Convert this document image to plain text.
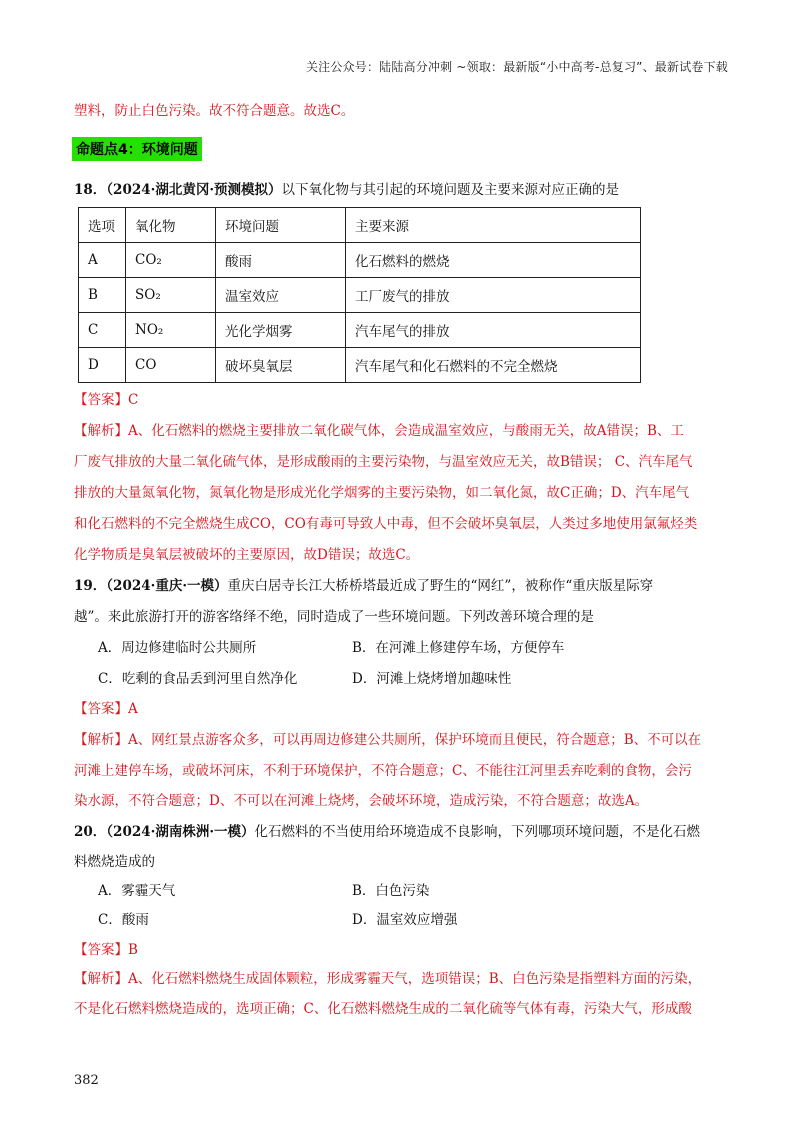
关注公众号：陆陆高分冲刺 ~领取：最新版“小中高考-总复习”、最新试卷下载
塑料，防止白色污染。故不符合题意。故选C。
命题点4：环境问题
18．（2024·湖北黄冈·预测模拟）以下氧化物与其引起的环境问题及主要来源对应正确的是
选项	氧化物	环境问题	主要来源
A	CO₂	酸雨	化石燃料的燃烧
B	SO₂	温室效应	工厂废气的排放
C	NO₂	光化学烟雾	汽车尾气的排放
D	CO	破坏臭氧层	汽车尾气和化石燃料的不完全燃烧
【答案】C
【解析】A、化石燃料的燃烧主要排放二氧化碳气体，会造成温室效应，与酸雨无关，故A错误；B、工
厂废气排放的大量二氧化硫气体，是形成酸雨的主要污染物，与温室效应无关，故B错误； C、汽车尾气
排放的大量氮氧化物，氮氧化物是形成光化学烟雾的主要污染物，如二氧化氮，故C正确；D、汽车尾气
和化石燃料的不完全燃烧生成CO，CO有毒可导致人中毒，但不会破坏臭氧层，人类过多地使用氯氟烃类
化学物质是臭氧层被破坏的主要原因，故D错误；故选C。
19．（2024·重庆·一模）重庆白居寺长江大桥桥塔最近成了野生的“网红”，被称作“重庆版星际穿
越”。来此旅游打开的游客络绎不绝，同时造成了一些环境问题。下列改善环境合理的是
A．周边修建临时公共厕所	B．在河滩上修建停车场，方便停车
C．吃剩的食品丢到河里自然净化	D．河滩上烧烤增加趣味性
【答案】A
【解析】A、网红景点游客众多，可以再周边修建公共厕所，保护环境而且便民，符合题意；B、不可以在
河滩上建停车场，或破坏河床，不利于环境保护，不符合题意；C、不能往江河里丢弃吃剩的食物，会污
染水源，不符合题意；D、不可以在河滩上烧烤，会破坏环境，造成污染，不符合题意；故选A。
20．（2024·湖南株洲·一模）化石燃料的不当使用给环境造成不良影响，下列哪项环境问题，不是化石燃
料燃烧造成的
A．雾霾天气	B．白色污染
C．酸雨	D．温室效应增强
【答案】B
【解析】A、化石燃料燃烧生成固体颗粒，形成雾霾天气，选项错误；B、白色污染是指塑料方面的污染，
不是化石燃料燃烧造成的，选项正确；C、化石燃料燃烧生成的二氧化硫等气体有毒，污染大气，形成酸
382
